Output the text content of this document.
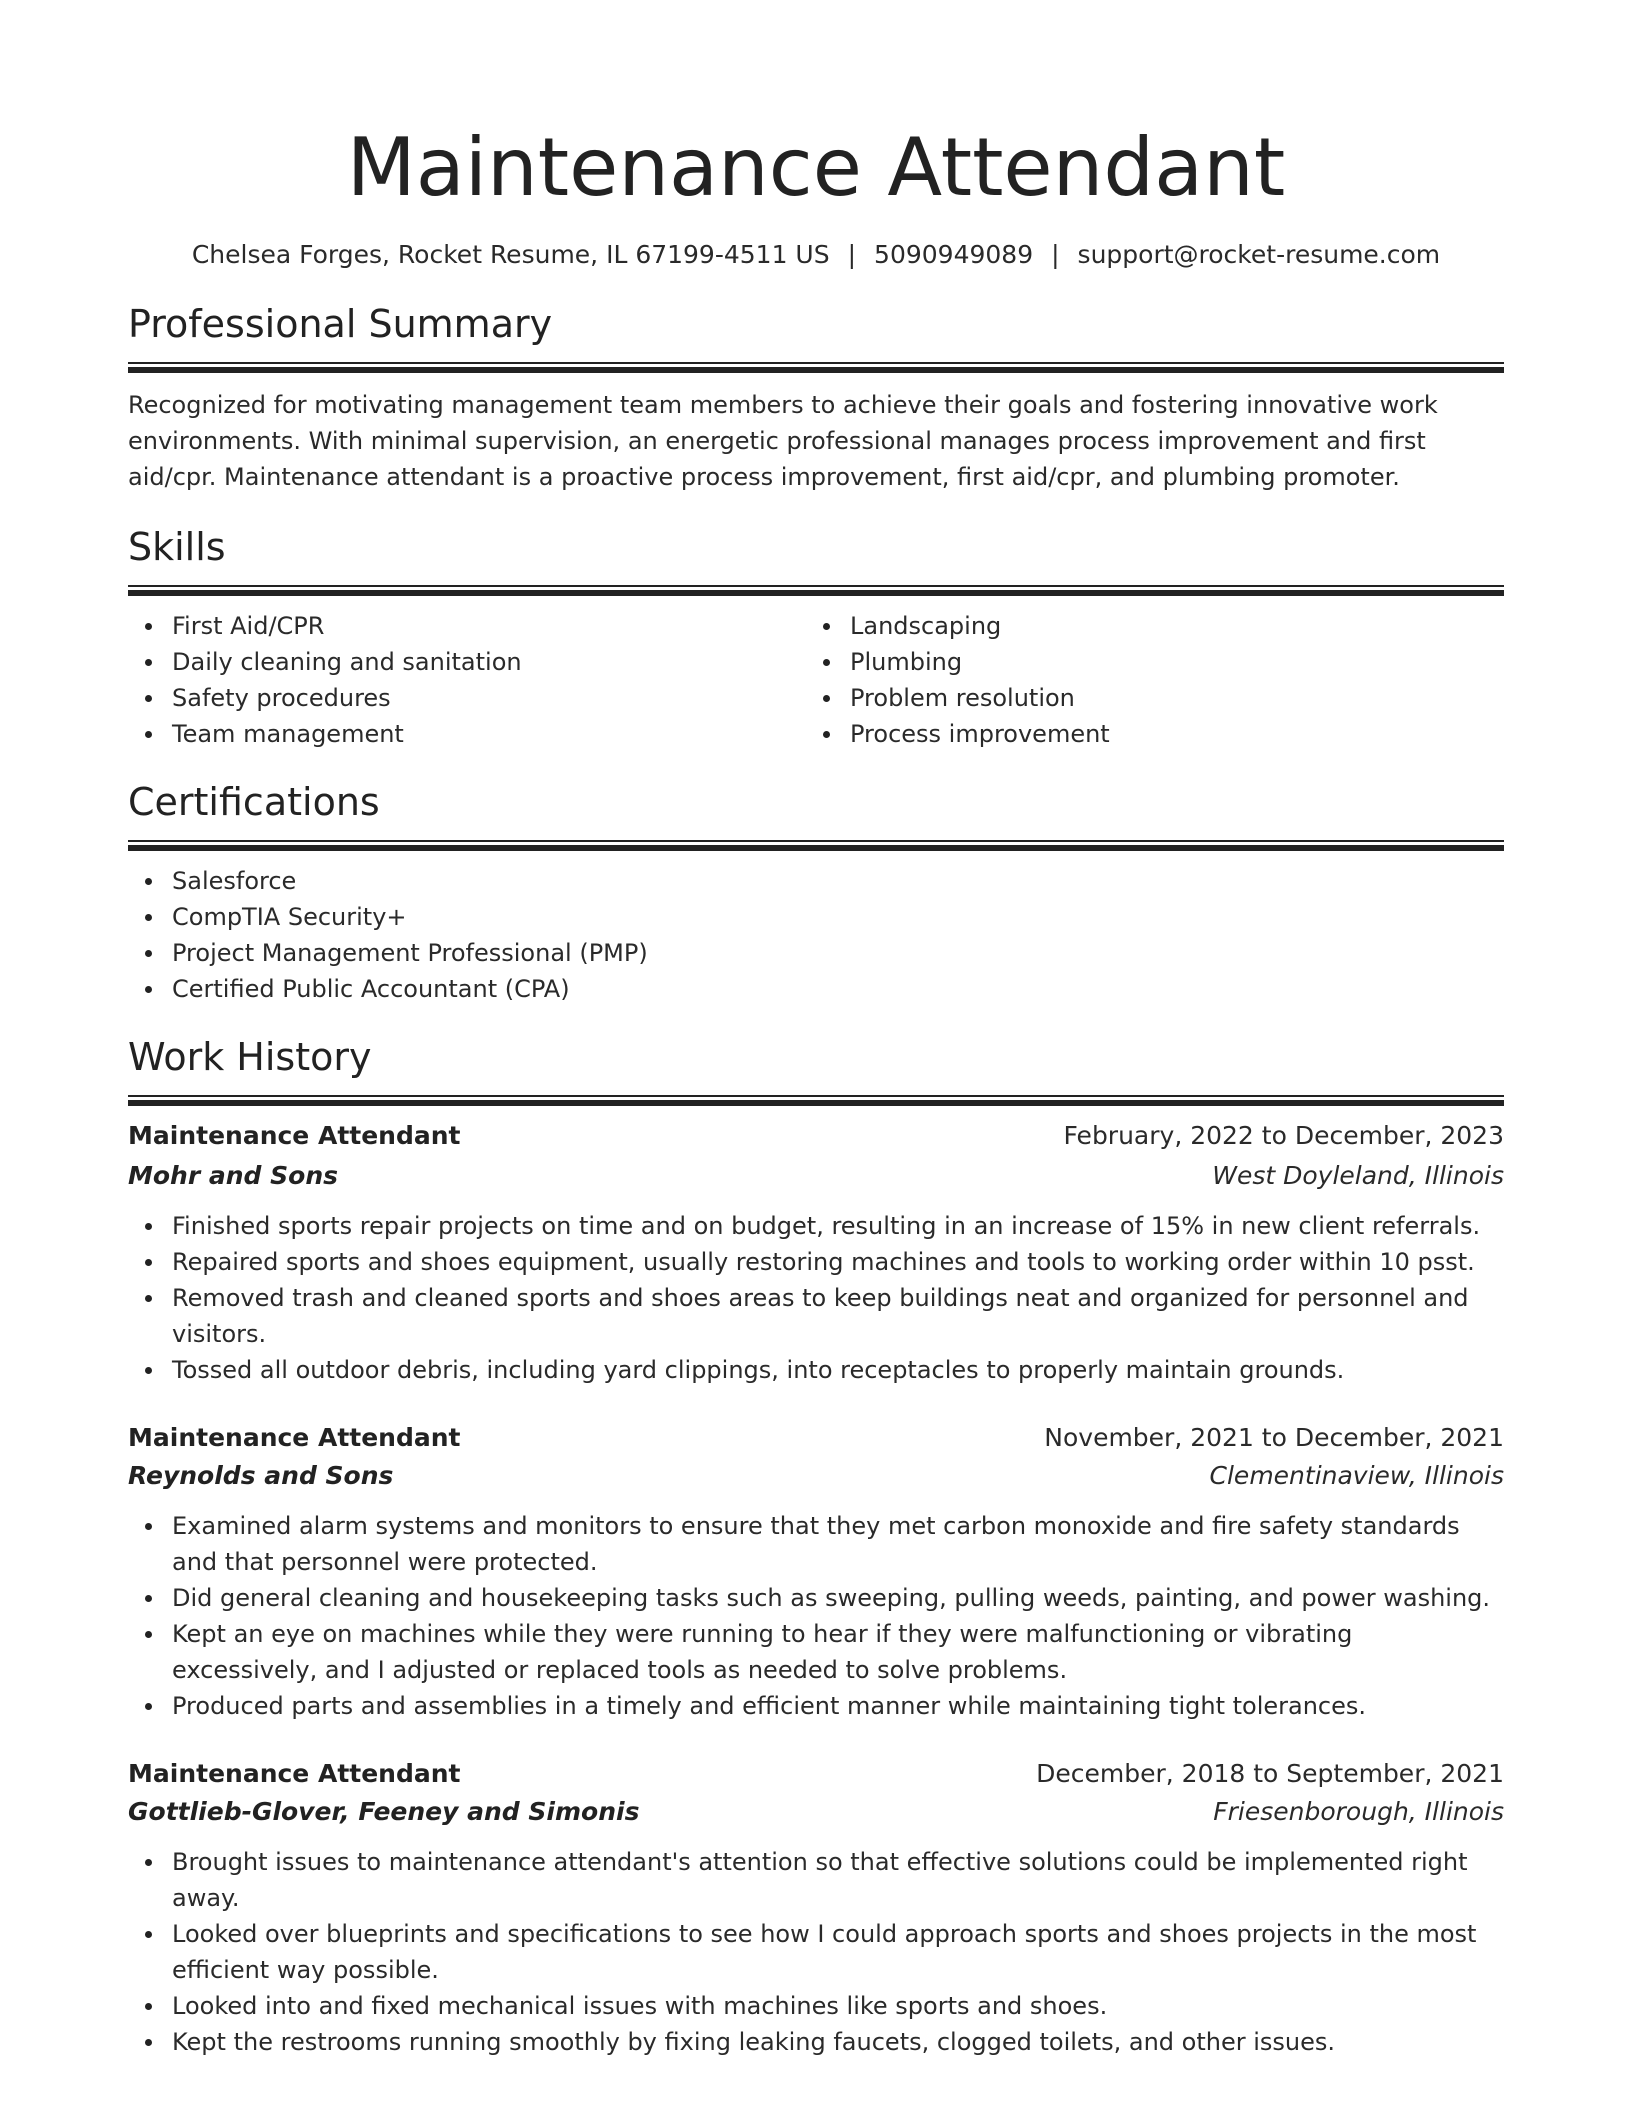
Maintenance Attendant
Chelsea Forges, Rocket Resume, IL 67199-4511 US | 5090949089 | support@rocket-resume.com
Professional Summary
Recognized for motivating management team members to achieve their goals and fostering innovative work environments. With minimal supervision, an energetic professional manages process improvement and first aid/cpr. Maintenance attendant is a proactive process improvement, first aid/cpr, and plumbing promoter.
Skills
First Aid/CPR
Daily cleaning and sanitation
Safety procedures
Team management
Landscaping
Plumbing
Problem resolution
Process improvement
Certifications
Salesforce
CompTIA Security+
Project Management Professional (PMP)
Certified Public Accountant (CPA)
Work History
Maintenance Attendant	February, 2022 to December, 2023
Mohr and Sons	West Doyleland, Illinois
Finished sports repair projects on time and on budget, resulting in an increase of 15% in new client referrals.
Repaired sports and shoes equipment, usually restoring machines and tools to working order within 10 psst.
Removed trash and cleaned sports and shoes areas to keep buildings neat and organized for personnel and visitors.
Tossed all outdoor debris, including yard clippings, into receptacles to properly maintain grounds.
Maintenance Attendant	November, 2021 to December, 2021
Reynolds and Sons	Clementinaview, Illinois
Examined alarm systems and monitors to ensure that they met carbon monoxide and fire safety standards and that personnel were protected.
Did general cleaning and housekeeping tasks such as sweeping, pulling weeds, painting, and power washing.
Kept an eye on machines while they were running to hear if they were malfunctioning or vibrating excessively, and I adjusted or replaced tools as needed to solve problems.
Produced parts and assemblies in a timely and efficient manner while maintaining tight tolerances.
Maintenance Attendant	December, 2018 to September, 2021
Gottlieb-Glover, Feeney and Simonis	Friesenborough, Illinois
Brought issues to maintenance attendant's attention so that effective solutions could be implemented right away.
Looked over blueprints and specifications to see how I could approach sports and shoes projects in the most efficient way possible.
Looked into and fixed mechanical issues with machines like sports and shoes.
Kept the restrooms running smoothly by fixing leaking faucets, clogged toilets, and other issues.
